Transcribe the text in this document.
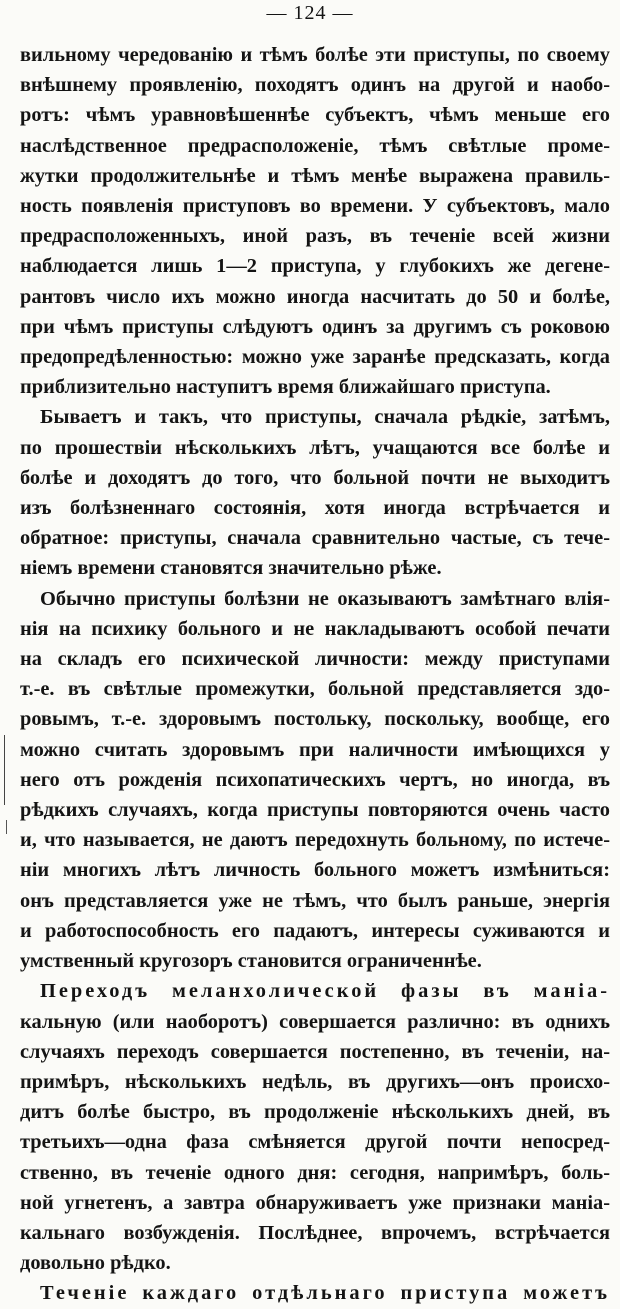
— 124 —
вильному чередованію и тѣмъ болѣе эти приступы, по своему
внѣшнему проявленію, походятъ одинъ на другой и наобо-
ротъ: чѣмъ уравновѣшеннѣе субъектъ, чѣмъ меньше его
наслѣдственное предрасположеніе, тѣмъ свѣтлые проме-
жутки продолжительнѣе и тѣмъ менѣе выражена правиль-
ность появленія приступовъ во времени. У субъектовъ, мало
предрасположенныхъ, иной разъ, въ теченіе всей жизни
наблюдается лишь 1—2 приступа, у глубокихъ же дегене-
рантовъ число ихъ можно иногда насчитать до 50 и болѣе,
при чѣмъ приступы слѣдуютъ одинъ за другимъ съ роковою
предопредѣленностью: можно уже заранѣе предсказать, когда
приблизительно наступитъ время ближайшаго приступа.
Бываетъ и такъ, что приступы, сначала рѣдкіе, затѣмъ,
по прошествіи нѣсколькихъ лѣтъ, учащаются все болѣе и
болѣе и доходятъ до того, что больной почти не выходитъ
изъ болѣзненнаго состоянія, хотя иногда встрѣчается и
обратное: приступы, сначала сравнительно частые, съ тече-
ніемъ времени становятся значительно рѣже.
Обычно приступы болѣзни не оказываютъ замѣтнаго влія-
нія на психику больного и не накладываютъ особой печати
на складъ его психической личности: между приступами
т.-е. въ свѣтлые промежутки, больной представляется здо-
ровымъ, т.-е. здоровымъ постольку, поскольку, вообще, его
можно считать здоровымъ при наличности имѣющихся у
него отъ рожденія психопатическихъ чертъ, но иногда, въ
рѣдкихъ случаяхъ, когда приступы повторяются очень часто
и, что называется, не даютъ передохнуть больному, по истече-
ніи многихъ лѣтъ личность больного можетъ измѣниться:
онъ представляется уже не тѣмъ, что былъ раньше, энергія
и работоспособность его падаютъ, интересы суживаются и
умственный кругозоръ становится ограниченнѣе.
Переходъ меланхолической фазы въ маніа-
кальную (или наоборотъ) совершается различно: въ однихъ
случаяхъ переходъ совершается постепенно, въ теченіи, на-
примѣръ, нѣсколькихъ недѣль, въ другихъ—онъ происхо-
дитъ болѣе быстро, въ продолженіе нѣсколькихъ дней, въ
третьихъ—одна фаза смѣняется другой почти непосред-
ственно, въ теченіе одного дня: сегодня, напримѣръ, боль-
ной угнетенъ, а завтра обнаруживаетъ уже признаки маніа-
кальнаго возбужденія. Послѣднее, впрочемъ, встрѣчается
довольно рѣдко.
Теченіе каждаго отдѣльнаго приступа можетъ
